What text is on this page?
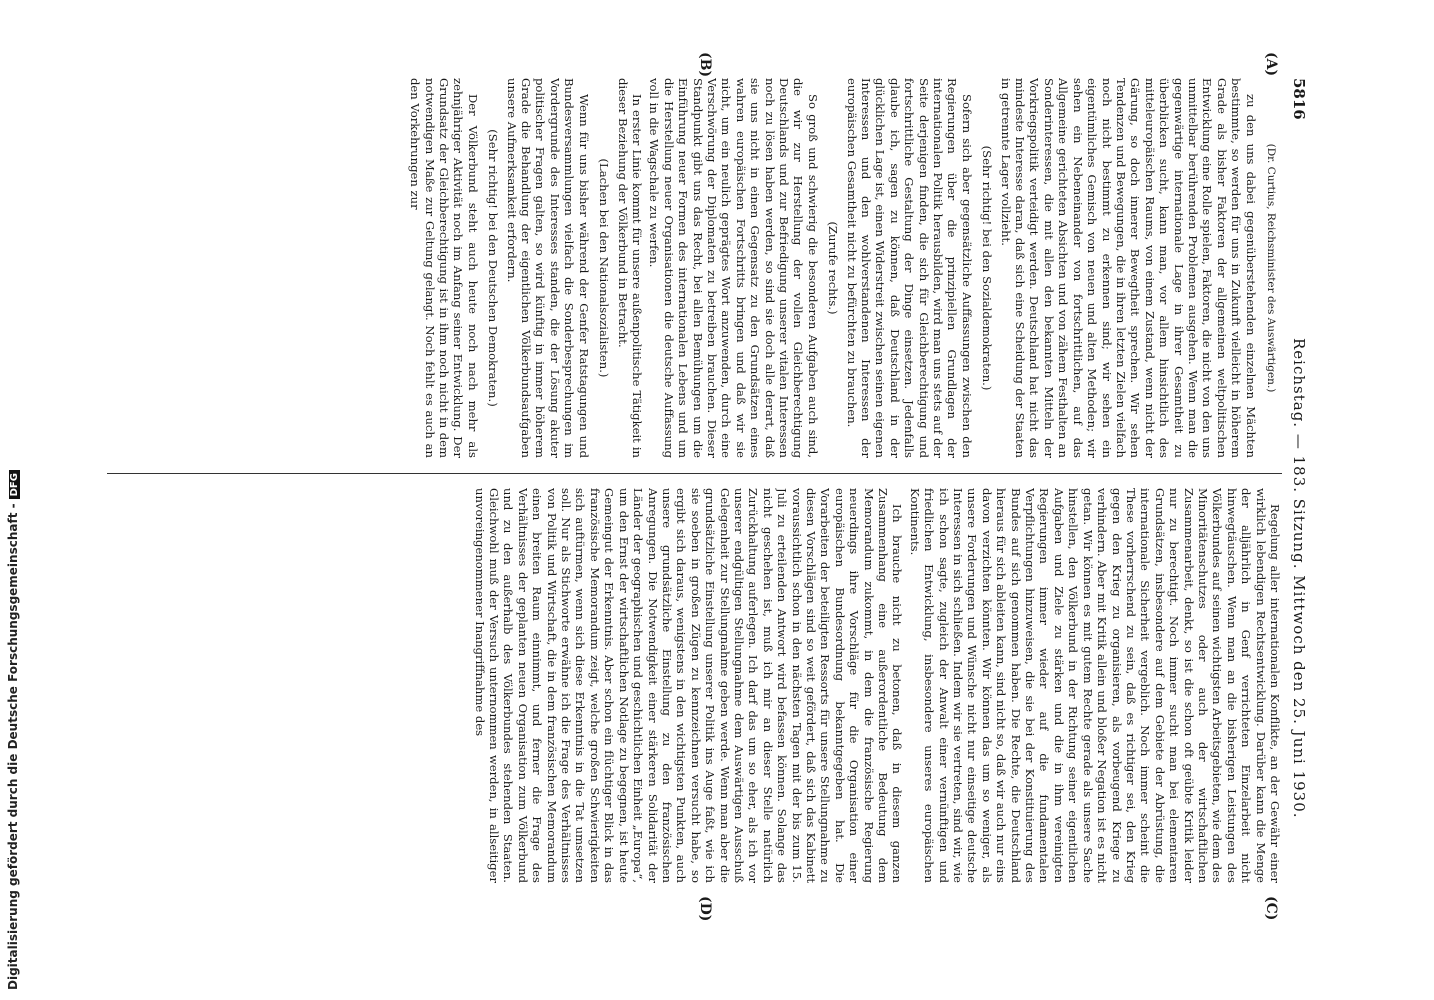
Digitalisierung gefördert durch die Deutsche Forschungsgemeinschaft -DFG
5816
Reichstag. — 183. Sitzung. Mittwoch den 25. Juni 1930.
(A)
(B)
(C)
(D)

(Dr. Curtius, Reichsminister des Auswärtigen.)

zu den uns dabei gegenüberstehenden einzelnen Mächten bestimmte, so werden für uns in Zukunft vielleicht in höherem Grade als bisher Faktoren der allgemeinen weltpolitischen Entwicklung eine Rolle spielen, Faktoren, die nicht von den uns unmittelbar berührenden Problemen ausgehen. Wenn man die gegenwärtige internationale Lage in ihrer Gesamtheit zu überblicken sucht, kann man, vor allem hinsichtlich des mitteleuropäischen Raums, von einem Zustand, wenn nicht der Gärung, so doch innerer Bewegtheit sprechen. Wir sehen Tendenzen und Bewegungen, die in ihren letzten Zielen vielfach noch nicht bestimmt zu erkennen sind; wir sehen ein eigentümliches Gemisch von neuen und alten Methoden; wir sehen ein Nebeneinander von fortschrittlichen, auf das Allgemeine gerichteten Absichten und von zähem Festhalten an Sonderinteressen, die mit allen den bekannten Mitteln der Vorkriegspolitik verteidigt werden. Deutschland hat nicht das mindeste Interesse daran, daß sich eine Scheidung der Staaten in getrennte Lager vollzieht.

(Sehr richtig! bei den Sozialdemokraten.)

Sofern sich aber gegensätzliche Auffassungen zwischen den Regierungen über die prinzipiellen Grundlagen der internationalen Politik herausbilden, wird man uns stets auf der Seite derjenigen finden, die sich für Gleichberechtigung und fortschrittliche Gestaltung der Dinge einsetzen. Jedenfalls glaube ich, sagen zu können, daß Deutschland in der glücklichen Lage ist, einen Widerstreit zwischen seinen eigenen Interessen und den wohlverstandenen Interessen der europäischen Gesamtheit nicht zu befürchten zu brauchen.

(Zurufe rechts.)

So groß und schwierig die besonderen Aufgaben auch sind, die wir zur Herstellung der vollen Gleichberechtigung Deutschlands und zur Befriedigung unserer vitalen Interessen noch zu lösen haben werden, so sind sie doch alle derart, daß sie uns nicht in einen Gegensatz zu den Grundsätzen eines wahren europäischen Fortschritts bringen und daß wir sie nicht, um ein neulich geprägtes Wort anzuwenden, durch eine Verschwörung der Diplomaten zu betreiben brauchen. Dieser Standpunkt gibt uns das Recht, bei allen Bemühungen um die Einführung neuer Formen des internationalen Lebens und um die Herstellung neuer Organisationen die deutsche Auffassung voll in die Wagschale zu werfen.

In erster Linie kommt für unsere außenpolitische Tätigkeit in dieser Beziehung der Völkerbund in Betracht.

(Lachen bei den Nationalsozialisten.)

Wenn für uns bisher während der Genfer Ratstagungen und Bundesversammlungen vielfach die Sonderbesprechungen im Vordergrunde des Interesses standen, die der Lösung akuter politischer Fragen galten, so wird künftig in immer höherem Grade die Behandlung der eigentlichen Völkerbundsaufgaben unsere Aufmerksamkeit erfordern.

(Sehr richtig! bei den Deutschen Demokraten.)

Der Völkerbund steht auch heute noch nach mehr als zehnjähriger Aktivität noch im Anfang seiner Entwicklung. Der Grundsatz der Gleichberechtigung ist in ihm noch nicht in dem notwendigen Maße zur Geltung gelangt. Noch fehlt es auch an den Vorkehrungen zur

Regelung aller internationalen Konflikte, an der Gewähr einer wirklich lebendigen Rechtsentwicklung. Darüber kann die Menge der alljährlich in Genf verrichteten Einzelarbeit nicht hinwegtäuschen. Wenn man an die bisherigen Leistungen des Völkerbundes auf seinen wichtigsten Arbeitsgebieten, wie dem des Minoritätenschutzes oder auch der wirtschaftlichen Zusammenarbeit, denkt, so ist die schon oft geübte Kritik leider nur zu berechtigt. Noch immer sucht man bei elementaren Grundsätzen, insbesondere auf dem Gebiete der Abrüstung, die internationale Sicherheit vergeblich. Noch immer scheint die These vorherrschend zu sein, daß es richtiger sei, den Krieg gegen den Krieg zu organisieren, als vorbeugend Kriege zu verhindern. Aber mit Kritik allein und bloßer Negation ist es nicht getan. Wir können es mit gutem Rechte gerade als unsere Sache hinstellen, den Völkerbund in der Richtung seiner eigentlichen Aufgaben und Ziele zu stärken und die in ihm vereinigten Regierungen immer wieder auf die fundamentalen Verpflichtungen hinzuweisen, die sie bei der Konstituierung des Bundes auf sich genommen haben. Die Rechte, die Deutschland hieraus für sich ableiten kann, sind nicht so, daß wir auch nur eins davon verzichten könnten. Wir können das um so weniger, als unsere Forderungen und Wünsche nicht nur einseitige deutsche Interessen in sich schließen. Indem wir sie vertreten, sind wir, wie ich schon sagte, zugleich der Anwalt einer vernünftigen und friedlichen Entwicklung, insbesondere unseres europäischen Kontinents.

Ich brauche nicht zu betonen, daß in diesem ganzen Zusammenhang eine außerordentliche Bedeutung dem Memorandum zukommt, in dem die französische Regierung neuerdings ihre Vorschläge für die Organisation einer europäischen Bundesordnung bekanntgegeben hat. Die Vorarbeiten der beteiligten Ressorts für unsere Stellungnahme zu diesen Vorschlägen sind so weit gefördert, daß sich das Kabinett voraussichtlich schon in den nächsten Tagen mit der bis zum 15. Juli zu erteilenden Antwort wird befassen können. Solange das nicht geschehen ist, muß ich mir an dieser Stelle natürlich Zurückhaltung auferlegen. Ich darf das um so eher, als ich vor unserer endgültigen Stellungnahme dem Auswärtigen Ausschuß Gelegenheit zur Stellungnahme geben werde. Wenn man aber die grundsätzliche Einstellung unserer Politik ins Auge faßt, wie ich sie soeben in großen Zügen zu kennzeichnen versucht habe, so ergibt sich daraus, wenigstens in den wichtigsten Punkten, auch unsere grundsätzliche Einstellung zu den französischen Anregungen. Die Notwendigkeit einer stärkeren Solidarität der Länder der geographischen und geschichtlichen Einheit „Europa“, um den Ernst der wirtschaftlichen Notlage zu begegnen, ist heute Gemeingut der Erkenntnis. Aber schon ein flüchtiger Blick in das französische Memorandum zeigt, welche großen Schwierigkeiten sich auftürmen, wenn sich diese Erkenntnis in die Tat umsetzen soll. Nur als Stichworte erwähne ich die Frage des Verhältnisses von Politik und Wirtschaft, die in dem französischen Memorandum einen breiten Raum einnimmt, und ferner die Frage des Verhältnisses der geplanten neuen Organisation zum Völkerbund und zu den außerhalb des Völkerbundes stehenden Staaten. Gleichwohl muß der Versuch unternommen werden, in allseitiger unvoreingenommener Inangriffnahme des
